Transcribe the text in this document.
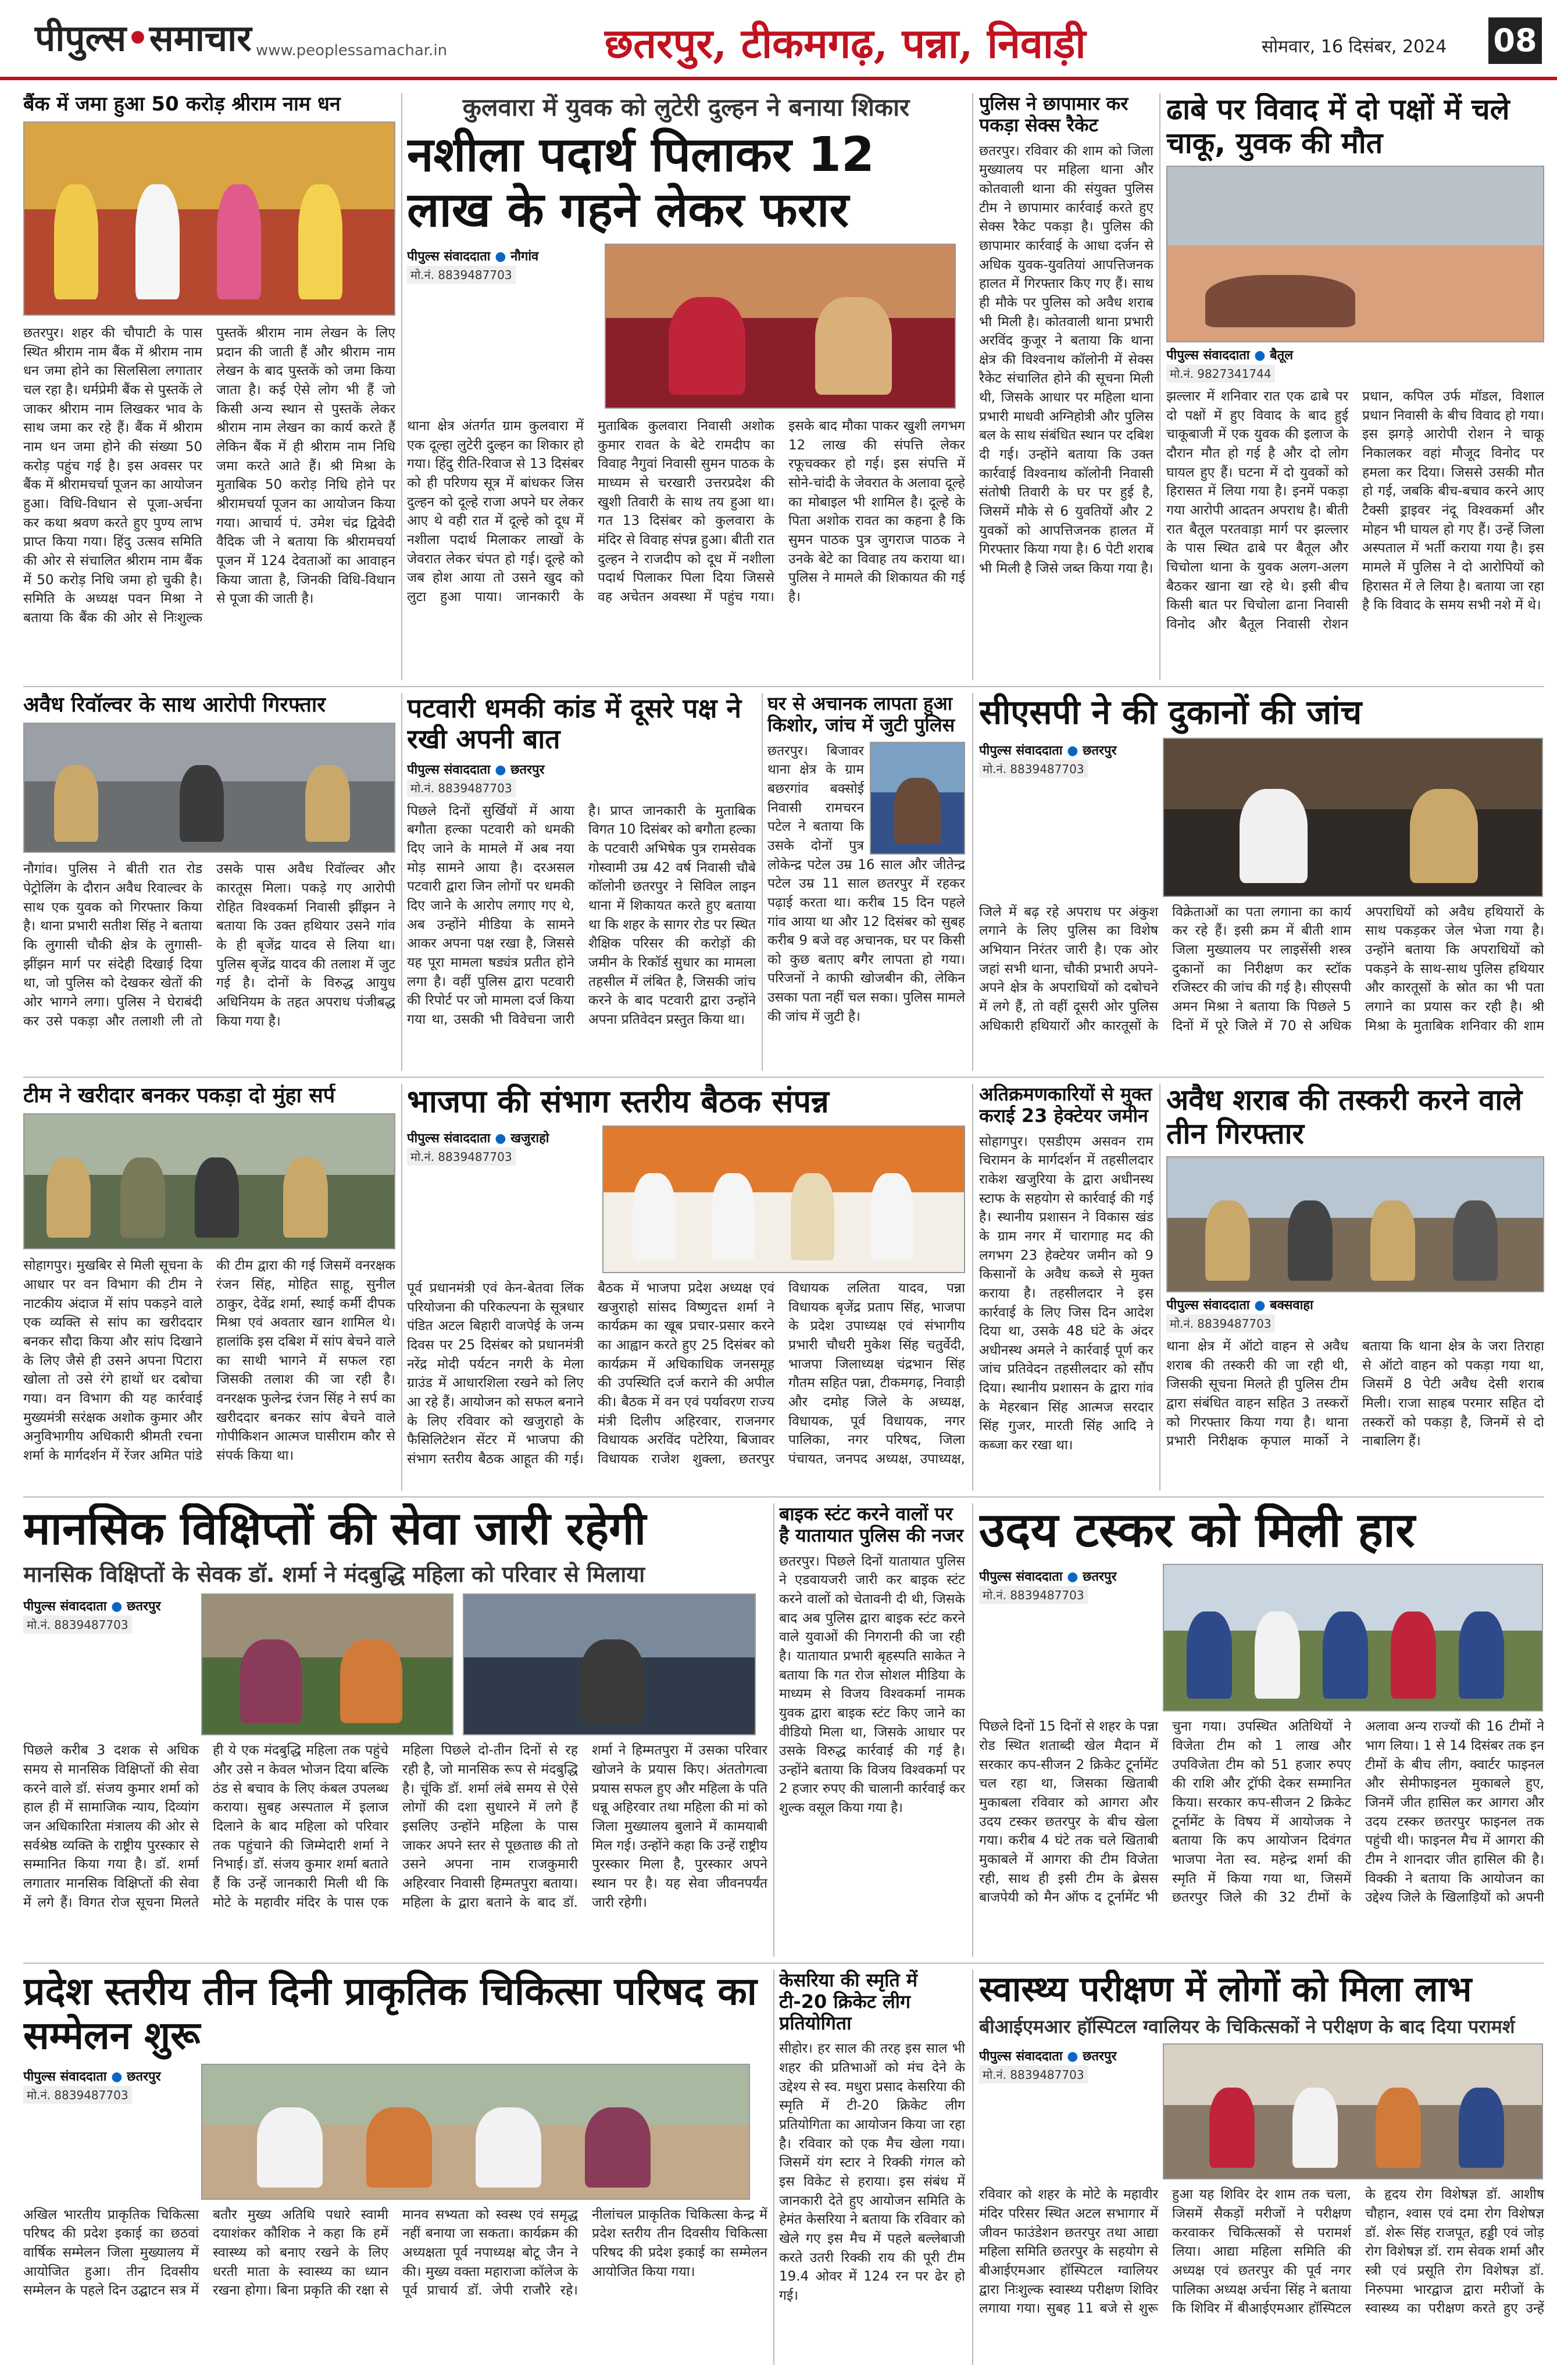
पीपुल्स•समाचार www.peoplessamachar.in	छतरपुर, टीकमगढ़, पन्ना, निवाड़ी	सोमवार, 16 दिसंबर, 2024 08
बैंक में जमा हुआ 50 करोड़ श्रीराम नाम धन
छतरपुर। शहर की चौपाटी के पास स्थित श्रीराम नाम बैंक में श्रीराम नाम धन जमा होने का सिलसिला लगातार चल रहा है। धर्मप्रेमी बैंक से पुस्तकें ले जाकर श्रीराम नाम लिखकर भाव के साथ जमा कर रहे हैं। बैंक में श्रीराम नाम धन जमा होने की संख्या 50 करोड़ पहुंच गई है। इस अवसर पर बैंक में श्रीरामचर्चा पूजन का आयोजन हुआ। विधि-विधान से पूजा-अर्चना कर कथा श्रवण करते हुए पुण्य लाभ प्राप्त किया गया। हिंदु उत्सव समिति की ओर से संचालित श्रीराम नाम बैंक में 50 करोड़ निधि जमा हो चुकी है। समिति के अध्यक्ष पवन मिश्रा ने बताया कि बैंक की ओर से निःशुल्क पुस्तकें श्रीराम नाम लेखन के लिए प्रदान की जाती हैं और श्रीराम नाम लेखन के बाद पुस्तकें को जमा किया जाता है। कई ऐसे लोग भी हैं जो किसी अन्य स्थान से पुस्तकें लेकर श्रीराम नाम लेखन का कार्य करते हैं लेकिन बैंक में ही श्रीराम नाम निधि जमा करते आते हैं। श्री मिश्रा के मुताबिक 50 करोड़ निधि होने पर श्रीरामचर्या पूजन का आयोजन किया गया। आचार्य पं. उमेश चंद्र द्विवेदी वैदिक जी ने बताया कि श्रीरामचर्या पूजन में 124 देवताओं का आवाहन किया जाता है, जिनकी विधि-विधान से पूजा की जाती है।
कुलवारा में युवक को लुटेरी दुल्हन ने बनाया शिकार
नशीला पदार्थ पिलाकर 12 लाख के गहने लेकर फरार
पीपुल्स संवाददाता ● नौगांव
मो.नं. 8839487703
थाना क्षेत्र अंतर्गत ग्राम कुलवारा में एक दूल्हा लुटेरी दुल्हन का शिकार हो गया। हिंदु रीति-रिवाज से 13 दिसंबर को ही परिणय सूत्र में बांधकर जिस दुल्हन को दूल्हे राजा अपने घर लेकर आए थे वही रात में दूल्हे को दूध में नशीला पदार्थ मिलाकर लाखों के जेवरात लेकर चंपत हो गई। दूल्हे को जब होश आया तो उसने खुद को लुटा हुआ पाया। जानकारी के मुताबिक कुलवारा निवासी अशोक कुमार रावत के बेटे रामदीप का विवाह नैगुवां निवासी सुमन पाठक के माध्यम से चरखारी उत्तरप्रदेश की खुशी तिवारी के साथ तय हुआ था। गत 13 दिसंबर को कुलवारा के मंदिर से विवाह संपन्न हुआ। बीती रात दुल्हन ने राजदीप को दूध में नशीला पदार्थ पिलाकर पिला दिया जिससे वह अचेतन अवस्था में पहुंच गया। इसके बाद मौका पाकर खुशी लगभग 12 लाख की संपत्ति लेकर रफूचक्कर हो गई। इस संपत्ति में सोने-चांदी के जेवरात के अलावा दूल्हे का मोबाइल भी शामिल है। दूल्हे के पिता अशोक रावत का कहना है कि सुमन पाठक पुत्र जुगराज पाठक ने उनके बेटे का विवाह तय कराया था। पुलिस ने मामले की शिकायत की गई है।
पुलिस ने छापामार कर पकड़ा सेक्स रैकेट
छतरपुर। रविवार की शाम को जिला मुख्यालय पर महिला थाना और कोतवाली थाना की संयुक्त पुलिस टीम ने छापामार कार्रवाई करते हुए सेक्स रैकेट पकड़ा है। पुलिस की छापामार कार्रवाई के आधा दर्जन से अधिक युवक-युवतियां आपत्तिजनक हालत में गिरफ्तार किए गए हैं। साथ ही मौके पर पुलिस को अवैध शराब भी मिली है। कोतवाली थाना प्रभारी अरविंद कुजूर ने बताया कि थाना क्षेत्र की विश्वनाथ कॉलोनी में सेक्स रैकेट संचालित होने की सूचना मिली थी, जिसके आधार पर महिला थाना प्रभारी माधवी अग्निहोत्री और पुलिस बल के साथ संबंधित स्थान पर दबिश दी गई। उन्होंने बताया कि उक्त कार्रवाई विश्वनाथ कॉलोनी निवासी संतोषी तिवारी के घर पर हुई है, जिसमें मौके से 6 युवतियों और 2 युवकों को आपत्तिजनक हालत में गिरफ्तार किया गया है। 6 पेटी शराब भी मिली है जिसे जब्त किया गया है।
ढाबे पर विवाद में दो पक्षों में चले चाकू, युवक की मौत
पीपुल्स संवाददाता ● बैतूल
मो.नं. 9827341744
झल्लार में शनिवार रात एक ढाबे पर दो पक्षों में हुए विवाद के बाद हुई चाकूबाजी में एक युवक की इलाज के दौरान मौत हो गई है और दो लोग घायल हुए हैं। घटना में दो युवकों को हिरासत में लिया गया है। इनमें पकड़ा गया आरोपी आदतन अपराध है। बीती रात बैतूल परतवाड़ा मार्ग पर झल्लार के पास स्थित ढाबे पर बैतूल और चिचोला थाना के युवक अलग-अलग बैठकर खाना खा रहे थे। इसी बीच किसी बात पर चिचोला ढाना निवासी विनोद और बैतूल निवासी रोशन प्रधान, कपिल उर्फ मॉडल, विशाल प्रधान निवासी के बीच विवाद हो गया। इस झगड़े आरोपी रोशन ने चाकू निकालकर वहां मौजूद विनोद पर हमला कर दिया। जिससे उसकी मौत हो गई, जबकि बीच-बचाव करने आए टैक्सी ड्राइवर नंदू विश्वकर्मा और मोहन भी घायल हो गए हैं। उन्हें जिला अस्पताल में भर्ती कराया गया है। इस मामले में पुलिस ने दो आरोपियों को हिरासत में ले लिया है। बताया जा रहा है कि विवाद के समय सभी नशे में थे।
अवैध रिवॉल्वर के साथ आरोपी गिरफ्तार
नौगांव। पुलिस ने बीती रात रोड पेट्रोलिंग के दौरान अवैध रिवाल्वर के साथ एक युवक को गिरफ्तार किया है। थाना प्रभारी सतीश सिंह ने बताया कि लुगासी चौकी क्षेत्र के लुगासी-झींझन मार्ग पर संदेही दिखाई दिया था, जो पुलिस को देखकर खेतों की ओर भागने लगा। पुलिस ने घेराबंदी कर उसे पकड़ा और तलाशी ली तो उसके पास अवैध रिवॉल्वर और कारतूस मिला। पकड़े गए आरोपी रोहित विश्वकर्मा निवासी झींझन ने बताया कि उक्त हथियार उसने गांव के ही बृजेंद्र यादव से लिया था। पुलिस बृजेंद्र यादव की तलाश में जुट गई है। दोनों के विरुद्ध आयुध अधिनियम के तहत अपराध पंजीबद्ध किया गया है।
पटवारी धमकी कांड में दूसरे पक्ष ने रखी अपनी बात
पीपुल्स संवाददाता ● छतरपुर
मो.नं. 8839487703
पिछले दिनों सुर्खियों में आया बगौता हल्का पटवारी को धमकी दिए जाने के मामले में अब नया मोड़ सामने आया है। दरअसल पटवारी द्वारा जिन लोगों पर धमकी दिए जाने के आरोप लगाए गए थे, अब उन्होंने मीडिया के सामने आकर अपना पक्ष रखा है, जिससे यह पूरा मामला षड्यंत्र प्रतीत होने लगा है। वहीं पुलिस द्वारा पटवारी की रिपोर्ट पर जो मामला दर्ज किया गया था, उसकी भी विवेचना जारी है। प्राप्त जानकारी के मुताबिक विगत 10 दिसंबर को बगौता हल्का के पटवारी अभिषेक पुत्र रामसेवक गोस्वामी उम्र 42 वर्ष निवासी चौबे कॉलोनी छतरपुर ने सिविल लाइन थाना में शिकायत करते हुए बताया था कि शहर के सागर रोड पर स्थित शैक्षिक परिसर की करोड़ों की जमीन के रिकॉर्ड सुधार का मामला तहसील में लंबित है, जिसकी जांच करने के बाद पटवारी द्वारा उन्होंने अपना प्रतिवेदन प्रस्तुत किया था।
घर से अचानक लापता हुआ किशोर, जांच में जुटी पुलिस
छतरपुर। बिजावर थाना क्षेत्र के ग्राम बछरगांव बक्सोई निवासी रामचरन पटेल ने बताया कि उसके दोनों पुत्र लोकेन्द्र पटेल उम्र 16 साल और जीतेन्द्र पटेल उम्र 11 साल छतरपुर में रहकर पढ़ाई करता था। करीब 15 दिन पहले गांव आया था और 12 दिसंबर को सुबह करीब 9 बजे वह अचानक, घर पर किसी को कुछ बताए बगैर लापता हो गया। परिजनों ने काफी खोजबीन की, लेकिन उसका पता नहीं चल सका। पुलिस मामले की जांच में जुटी है।
सीएसपी ने की दुकानों की जांच
पीपुल्स संवाददाता ● छतरपुर
मो.नं. 8839487703
जिले में बढ़ रहे अपराध पर अंकुश लगाने के लिए पुलिस का विशेष अभियान निरंतर जारी है। एक ओर जहां सभी थाना, चौकी प्रभारी अपने-अपने क्षेत्र के अपराधियों को दबोचने में लगे हैं, तो वहीं दूसरी ओर पुलिस अधिकारी हथियारों और कारतूसों के विक्रेताओं का पता लगाना का कार्य कर रहे हैं। इसी क्रम में बीती शाम जिला मुख्यालय पर लाइसेंसी शस्त्र दुकानों का निरीक्षण कर स्टॉक रजिस्टर की जांच की गई है। सीएसपी अमन मिश्रा ने बताया कि पिछले 5 दिनों में पूरे जिले में 70 से अधिक अपराधियों को अवैध हथियारों के साथ पकड़कर जेल भेजा गया है। उन्होंने बताया कि अपराधियों को पकड़ने के साथ-साथ पुलिस हथियार और कारतूसों के स्रोत का भी पता लगाने का प्रयास कर रही है। श्री मिश्रा के मुताबिक शनिवार की शाम
टीम ने खरीदार बनकर पकड़ा दो मुंहा सर्प
सोहागपुर। मुखबिर से मिली सूचना के आधार पर वन विभाग की टीम ने नाटकीय अंदाज में सांप पकड़ने वाले एक व्यक्ति से सांप का खरीददार बनकर सौदा किया और सांप दिखाने के लिए जैसे ही उसने अपना पिटारा खोला तो उसे रंगे हाथों धर दबोचा गया। वन विभाग की यह कार्रवाई मुख्यमंत्री सरंक्षक अशोक कुमार और अनुविभागीय अधिकारी श्रीमती रचना शर्मा के मार्गदर्शन में रेंजर अमित पांडे की टीम द्वारा की गई जिसमें वनरक्षक रंजन सिंह, मोहित साहू, सुनील ठाकुर, देवेंद्र शर्मा, स्थाई कर्मी दीपक मिश्रा एवं अवतार खान शामिल थे। हालांकि इस दबिश में सांप बेचने वाले का साथी भागने में सफल रहा जिसकी तलाश की जा रही है। वनरक्षक फुलेन्द्र रंजन सिंह ने सर्प का खरीददार बनकर सांप बेचने वाले गोपीकिशन आत्मज घासीराम कौर से संपर्क किया था।
भाजपा की संभाग स्तरीय बैठक संपन्न
पीपुल्स संवाददाता ● खजुराहो
मो.नं. 8839487703
पूर्व प्रधानमंत्री एवं केन-बेतवा लिंक परियोजना की परिकल्पना के सूत्रधार पंडित अटल बिहारी वाजपेई के जन्म दिवस पर 25 दिसंबर को प्रधानमंत्री नरेंद्र मोदी पर्यटन नगरी के मेला ग्राउंड में आधारशिला रखने को लिए आ रहे हैं। आयोजन को सफल बनाने के लिए रविवार को खजुराहो के फैसिलिटेशन सेंटर में भाजपा की संभाग स्तरीय बैठक आहूत की गई। बैठक में भाजपा प्रदेश अध्यक्ष एवं खजुराहो सांसद विष्णुदत्त शर्मा ने कार्यक्रम का खूब प्रचार-प्रसार करने का आह्वान करते हुए 25 दिसंबर को कार्यक्रम में अधिकाधिक जनसमूह की उपस्थिति दर्ज कराने की अपील की। बैठक में वन एवं पर्यावरण राज्य मंत्री दिलीप अहिरवार, राजनगर विधायक अरविंद पटेरिया, बिजावर विधायक राजेश शुक्ला, छतरपुर विधायक ललिता यादव, पन्ना विधायक बृजेंद्र प्रताप सिंह, भाजपा के प्रदेश उपाध्यक्ष एवं संभागीय प्रभारी चौधरी मुकेश सिंह चतुर्वेदी, भाजपा जिलाध्यक्ष चंद्रभान सिंह गौतम सहित पन्ना, टीकमगढ़, निवाड़ी और दमोह जिले के अध्यक्ष, विधायक, पूर्व विधायक, नगर पालिका, नगर परिषद, जिला पंचायत, जनपद अध्यक्ष, उपाध्यक्ष,
अतिक्रमणकारियों से मुक्त कराई 23 हेक्टेयर जमीन
सोहागपुर। एसडीएम असवन राम चिरामन के मार्गदर्शन में तहसीलदार राकेश खजुरिया के द्वारा अधीनस्थ स्टाफ के सहयोग से कार्रवाई की गई है। स्थानीय प्रशासन ने विकास खंड के ग्राम नगर में चारागाह मद की लगभग 23 हेक्टेयर जमीन को 9 किसानों के अवैध कब्जे से मुक्त कराया है। तहसीलदार ने इस कार्रवाई के लिए जिस दिन आदेश दिया था, उसके 48 घंटे के अंदर अधीनस्थ अमले ने कार्रवाई पूर्ण कर जांच प्रतिवेदन तहसीलदार को सौंप दिया। स्थानीय प्रशासन के द्वारा गांव के मेहरबान सिंह आत्मज सरदार सिंह गुजर, मारती सिंह आदि ने कब्जा कर रखा था।
अवैध शराब की तस्करी करने वाले तीन गिरफ्तार
पीपुल्स संवाददाता ● बक्सवाहा
मो.नं. 8839487703
थाना क्षेत्र में ऑटो वाहन से अवैध शराब की तस्करी की जा रही थी, जिसकी सूचना मिलते ही पुलिस टीम द्वारा संबंधित वाहन सहित 3 तस्करों को गिरफ्तार किया गया है। थाना प्रभारी निरीक्षक कृपाल मार्को ने बताया कि थाना क्षेत्र के जरा तिराहा से ऑटो वाहन को पकड़ा गया था, जिसमें 8 पेटी अवैध देसी शराब मिली। राजा साहब परमार सहित दो तस्करों को पकड़ा है, जिनमें से दो नाबालिग हैं।
मानसिक विक्षिप्तों की सेवा जारी रहेगी
मानसिक विक्षिप्तों के सेवक डॉ. शर्मा ने मंदबुद्धि महिला को परिवार से मिलाया
पीपुल्स संवाददाता ● छतरपुर
मो.नं. 8839487703
पिछले करीब 3 दशक से अधिक समय से मानसिक विक्षिप्तों की सेवा करने वाले डॉ. संजय कुमार शर्मा को हाल ही में सामाजिक न्याय, दिव्यांग जन अधिकारिता मंत्रालय की ओर से सर्वश्रेष्ठ व्यक्ति के राष्ट्रीय पुरस्कार से सम्मानित किया गया है। डॉ. शर्मा लगातार मानसिक विक्षिप्तों की सेवा में लगे हैं। विगत रोज सूचना मिलते ही ये एक मंदबुद्धि महिला तक पहुंचे और उसे न केवल भोजन दिया बल्कि ठंड से बचाव के लिए कंबल उपलब्ध कराया। सुबह अस्पताल में इलाज दिलाने के बाद महिला को परिवार तक पहुंचाने की जिम्मेदारी शर्मा ने निभाई। डॉ. संजय कुमार शर्मा बताते हैं कि उन्हें जानकारी मिली थी कि मोटे के महावीर मंदिर के पास एक महिला पिछले दो-तीन दिनों से रह रही है, जो मानसिक रूप से मंदबुद्धि है। चूंकि डॉ. शर्मा लंबे समय से ऐसे लोगों की दशा सुधारने में लगे हैं इसलिए उन्होंने महिला के पास जाकर अपने स्तर से पूछताछ की तो उसने अपना नाम राजकुमारी अहिरवार निवासी हिम्मतपुरा बताया। महिला के द्वारा बताने के बाद डॉ. शर्मा ने हिम्मतपुरा में उसका परिवार खोजने के प्रयास किए। अंततोगत्वा प्रयास सफल हुए और महिला के पति धन्नू अहिरवार तथा महिला की मां को जिला मुख्यालय बुलाने में कामयाबी मिल गई। उन्होंने कहा कि उन्हें राष्ट्रीय पुरस्कार मिला है, पुरस्कार अपने स्थान पर है। यह सेवा जीवनपर्यंत जारी रहेगी।
बाइक स्टंट करने वालों पर है यातायात पुलिस की नजर
छतरपुर। पिछले दिनों यातायात पुलिस ने एडवायजरी जारी कर बाइक स्टंट करने वालों को चेतावनी दी थी, जिसके बाद अब पुलिस द्वारा बाइक स्टंट करने वाले युवाओं की निगरानी की जा रही है। यातायात प्रभारी बृहस्पति साकेत ने बताया कि गत रोज सोशल मीडिया के माध्यम से विजय विश्वकर्मा नामक युवक द्वारा बाइक स्टंट किए जाने का वीडियो मिला था, जिसके आधार पर उसके विरुद्ध कार्रवाई की गई है। उन्होंने बताया कि विजय विश्वकर्मा पर 2 हजार रुपए की चालानी कार्रवाई कर शुल्क वसूल किया गया है।
उदय टस्कर को मिली हार
पीपुल्स संवाददाता ● छतरपुर
मो.नं. 8839487703
पिछले दिनों 15 दिनों से शहर के पन्ना रोड स्थित शताब्दी खेल मैदान में सरकार कप-सीजन 2 क्रिकेट टूर्नामेंट चल रहा था, जिसका खिताबी मुकाबला रविवार को आगरा और उदय टस्कर छतरपुर के बीच खेला गया। करीब 4 घंटे तक चले खिताबी मुकाबले में आगरा की टीम विजेता रही, साथ ही इसी टीम के ब्रेसस बाजपेयी को मैन ऑफ द टूर्नामेंट भी चुना गया। उपस्थित अतिथियों ने विजेता टीम को 1 लाख और उपविजेता टीम को 51 हजार रुपए की राशि और ट्रॉफी देकर सम्मानित किया। सरकार कप-सीजन 2 क्रिकेट टूर्नामेंट के विषय में आयोजक ने बताया कि कप आयोजन दिवंगत भाजपा नेता स्व. महेन्द्र शर्मा की स्मृति में किया गया था, जिसमें छतरपुर जिले की 32 टीमों के अलावा अन्य राज्यों की 16 टीमों ने भाग लिया। 1 से 14 दिसंबर तक इन टीमों के बीच लीग, क्वार्टर फाइनल और सेमीफाइनल मुकाबले हुए, जिनमें जीत हासिल कर आगरा और उदय टस्कर छतरपुर फाइनल तक पहुंची थी। फाइनल मैच में आगरा की टीम ने शानदार जीत हासिल की है। विक्की ने बताया कि आयोजन का उद्देश्य जिले के खिलाड़ियों को अपनी
प्रदेश स्तरीय तीन दिनी प्राकृतिक चिकित्सा परिषद का सम्मेलन शुरू
पीपुल्स संवाददाता ● छतरपुर
मो.नं. 8839487703
अखिल भारतीय प्राकृतिक चिकित्सा परिषद की प्रदेश इकाई का छठवां वार्षिक सम्मेलन जिला मुख्यालय में आयोजित हुआ। तीन दिवसीय सम्मेलन के पहले दिन उद्घाटन सत्र में बतौर मुख्य अतिथि पधारे स्वामी दयाशंकर कौशिक ने कहा कि हमें स्वास्थ्य को बनाए रखने के लिए धरती माता के स्वास्थ्य का ध्यान रखना होगा। बिना प्रकृति की रक्षा से मानव सभ्यता को स्वस्थ एवं समृद्ध नहीं बनाया जा सकता। कार्यक्रम की अध्यक्षता पूर्व नपाध्यक्ष बोटू जैन ने की। मुख्य वक्ता महाराजा कॉलेज के पूर्व प्राचार्य डॉ. जेपी राजौरे रहे। नीलांचल प्राकृतिक चिकित्सा केन्द्र में प्रदेश स्तरीय तीन दिवसीय चिकित्सा परिषद की प्रदेश इकाई का सम्मेलन आयोजित किया गया।
केसरिया की स्मृति में टी-20 क्रिकेट लीग प्रतियोगिता
सीहोर। हर साल की तरह इस साल भी शहर की प्रतिभाओं को मंच देने के उद्देश्य से स्व. मधुरा प्रसाद केसरिया की स्मृति में टी-20 क्रिकेट लीग प्रतियोगिता का आयोजन किया जा रहा है। रविवार को एक मैच खेला गया। जिसमें यंग स्टार ने रिक्की गंगल को इस विकेट से हराया। इस संबंध में जानकारी देते हुए आयोजन समिति के हेमंत केसरिया ने बताया कि रविवार को खेले गए इस मैच में पहले बल्लेबाजी करते उतरी रिक्की राय की पूरी टीम 19.4 ओवर में 124 रन पर ढेर हो गई।
स्वास्थ्य परीक्षण में लोगों को मिला लाभ
बीआईएमआर हॉस्पिटल ग्वालियर के चिकित्सकों ने परीक्षण के बाद दिया परामर्श
पीपुल्स संवाददाता ● छतरपुर
मो.नं. 8839487703
रविवार को शहर के मोटे के महावीर मंदिर परिसर स्थित अटल सभागार में जीवन फाउंडेशन छतरपुर तथा आद्या महिला समिति छतरपुर के सहयोग से बीआईएमआर हॉस्पिटल ग्वालियर द्वारा निःशुल्क स्वास्थ्य परीक्षण शिविर लगाया गया। सुबह 11 बजे से शुरू हुआ यह शिविर देर शाम तक चला, जिसमें सैकड़ों मरीजों ने परीक्षण करवाकर चिकित्सकों से परामर्श लिया। आद्या महिला समिति की अध्यक्ष एवं छतरपुर की पूर्व नगर पालिका अध्यक्ष अर्चना सिंह ने बताया कि शिविर में बीआईएमआर हॉस्पिटल के हृदय रोग विशेषज्ञ डॉ. आशीष चौहान, श्वास एवं दमा रोग विशेषज्ञ डॉ. शेरू सिंह राजपूत, हड्डी एवं जोड़ रोग विशेषज्ञ डॉ. राम सेवक शर्मा और स्त्री एवं प्रसूति रोग विशेषज्ञ डॉ. निरुपमा भारद्वाज द्वारा मरीजों के स्वास्थ्य का परीक्षण करते हुए उन्हें
